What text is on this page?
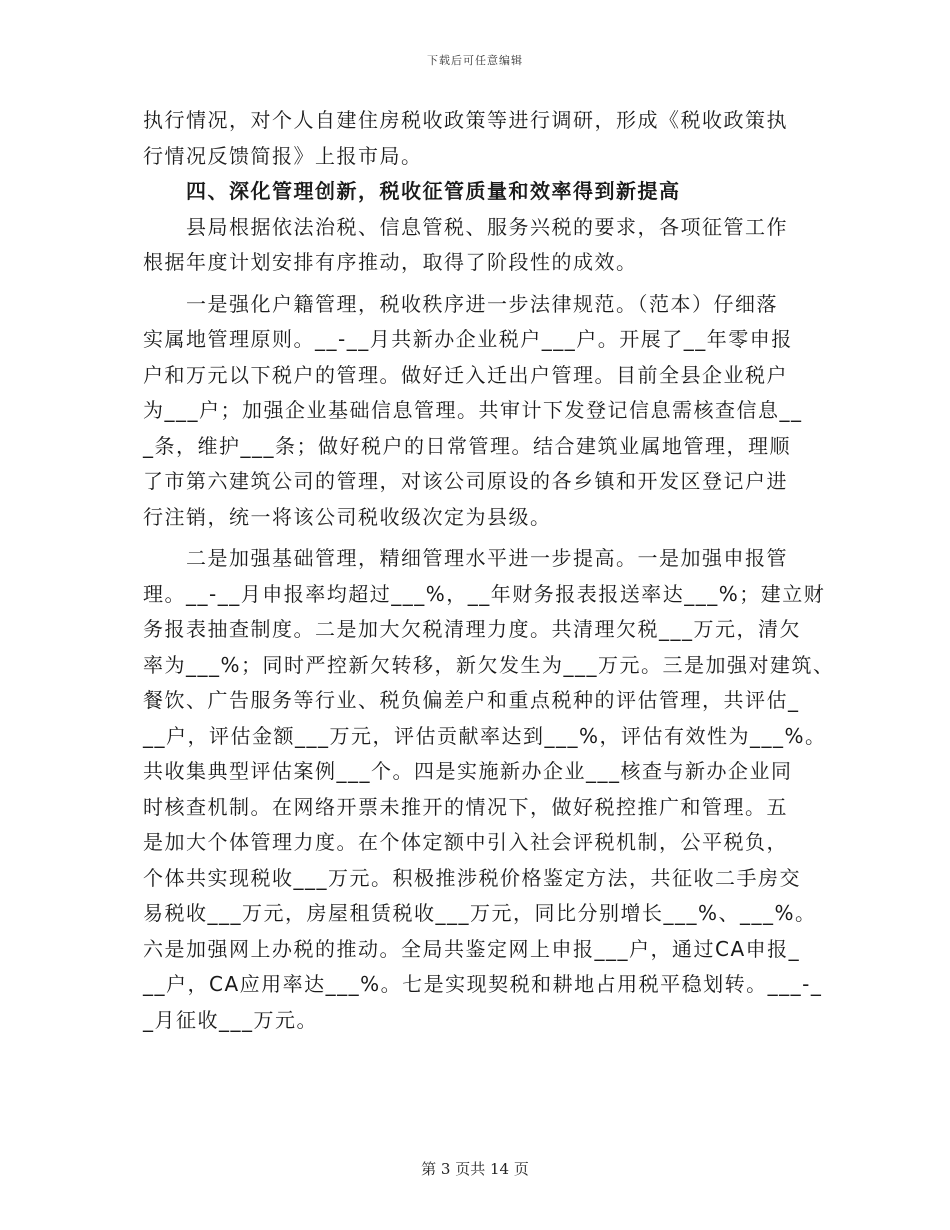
下载后可任意编辑
执行情况，对个人自建住房税收政策等进行调研，形成《税收政策执
行情况反馈简报》上报市局。
　　四、深化管理创新，税收征管质量和效率得到新提高
　　县局根据依法治税、信息管税、服务兴税的要求，各项征管工作
根据年度计划安排有序推动，取得了阶段性的成效。
　　一是强化户籍管理，税收秩序进一步法律规范。（范本）仔细落
实属地管理原则。__-__月共新办企业税户___户。开展了__年零申报
户和万元以下税户的管理。做好迁入迁出户管理。目前全县企业税户
为___户；加强企业基础信息管理。共审计下发登记信息需核查信息__
_条，维护___条；做好税户的日常管理。结合建筑业属地管理，理顺
了市第六建筑公司的管理，对该公司原设的各乡镇和开发区登记户进
行注销，统一将该公司税收级次定为县级。
　　二是加强基础管理，精细管理水平进一步提高。一是加强申报管
理。__-__月申报率均超过___%，__年财务报表报送率达___%；建立财
务报表抽查制度。二是加大欠税清理力度。共清理欠税___万元，清欠
率为___%；同时严控新欠转移，新欠发生为___万元。三是加强对建筑、
餐饮、广告服务等行业、税负偏差户和重点税种的评估管理，共评估_
__户，评估金额___万元，评估贡献率达到___%，评估有效性为___%。
共收集典型评估案例___个。四是实施新办企业___核查与新办企业同
时核查机制。在网络开票未推开的情况下，做好税控推广和管理。五
是加大个体管理力度。在个体定额中引入社会评税机制，公平税负，
个体共实现税收___万元。积极推涉税价格鉴定方法，共征收二手房交
易税收___万元，房屋租赁税收___万元，同比分别增长___%、___%。
六是加强网上办税的推动。全局共鉴定网上申报___户，通过CA申报_
__户，CA应用率达___%。七是实现契税和耕地占用税平稳划转。___-_
_月征收___万元。
第 3 页共 14 页
